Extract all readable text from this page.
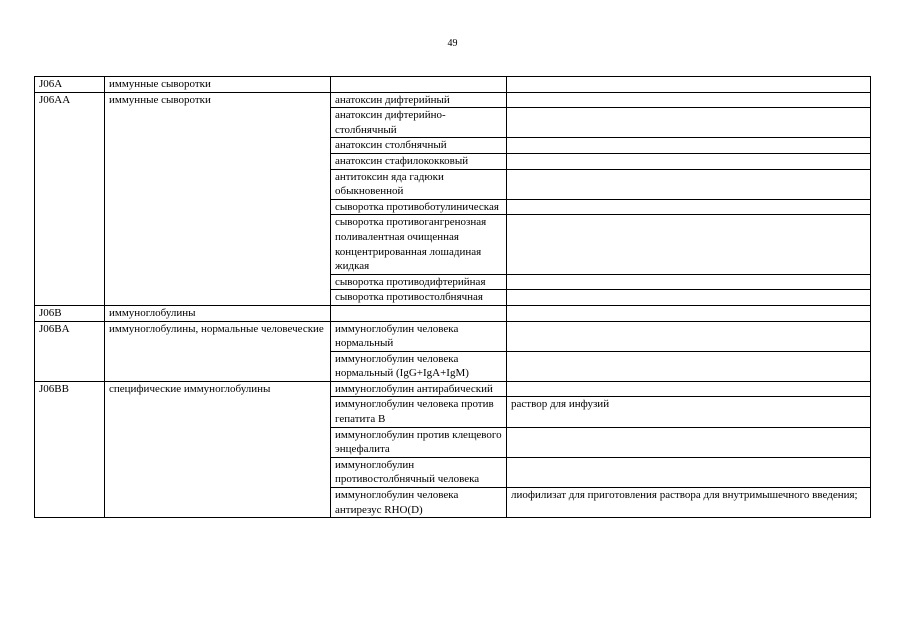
49
J06A	иммунные сыворотки		
J06AA	иммунные сыворотки	анатоксин дифтерийный	
		анатоксин дифтерийно-столбнячный	
		анатоксин столбнячный	
		анатоксин стафилококковый	
		антитоксин яда гадюки обыкновенной	
		сыворотка противоботулиническая	
		сыворотка противогангренозная поливалентная очищенная концентрированная лошадиная жидкая	
		сыворотка противодифтерийная	
		сыворотка противостолбнячная	
J06B	иммуноглобулины		
J06BA	иммуноглобулины, нормальные человеческие	иммуноглобулин человека нормальный	
		иммуноглобулин человека нормальный (IgG+IgA+IgM)	
J06BB	специфические иммуноглобулины	иммуноглобулин антирабический	
		иммуноглобулин человека против гепатита B	раствор для инфузий
		иммуноглобулин против клещевого энцефалита	
		иммуноглобулин противостолбнячный человека	
		иммуноглобулин человека антирезус RHO(D)	лиофилизат для приготовления раствора для внутримышечного введения;
